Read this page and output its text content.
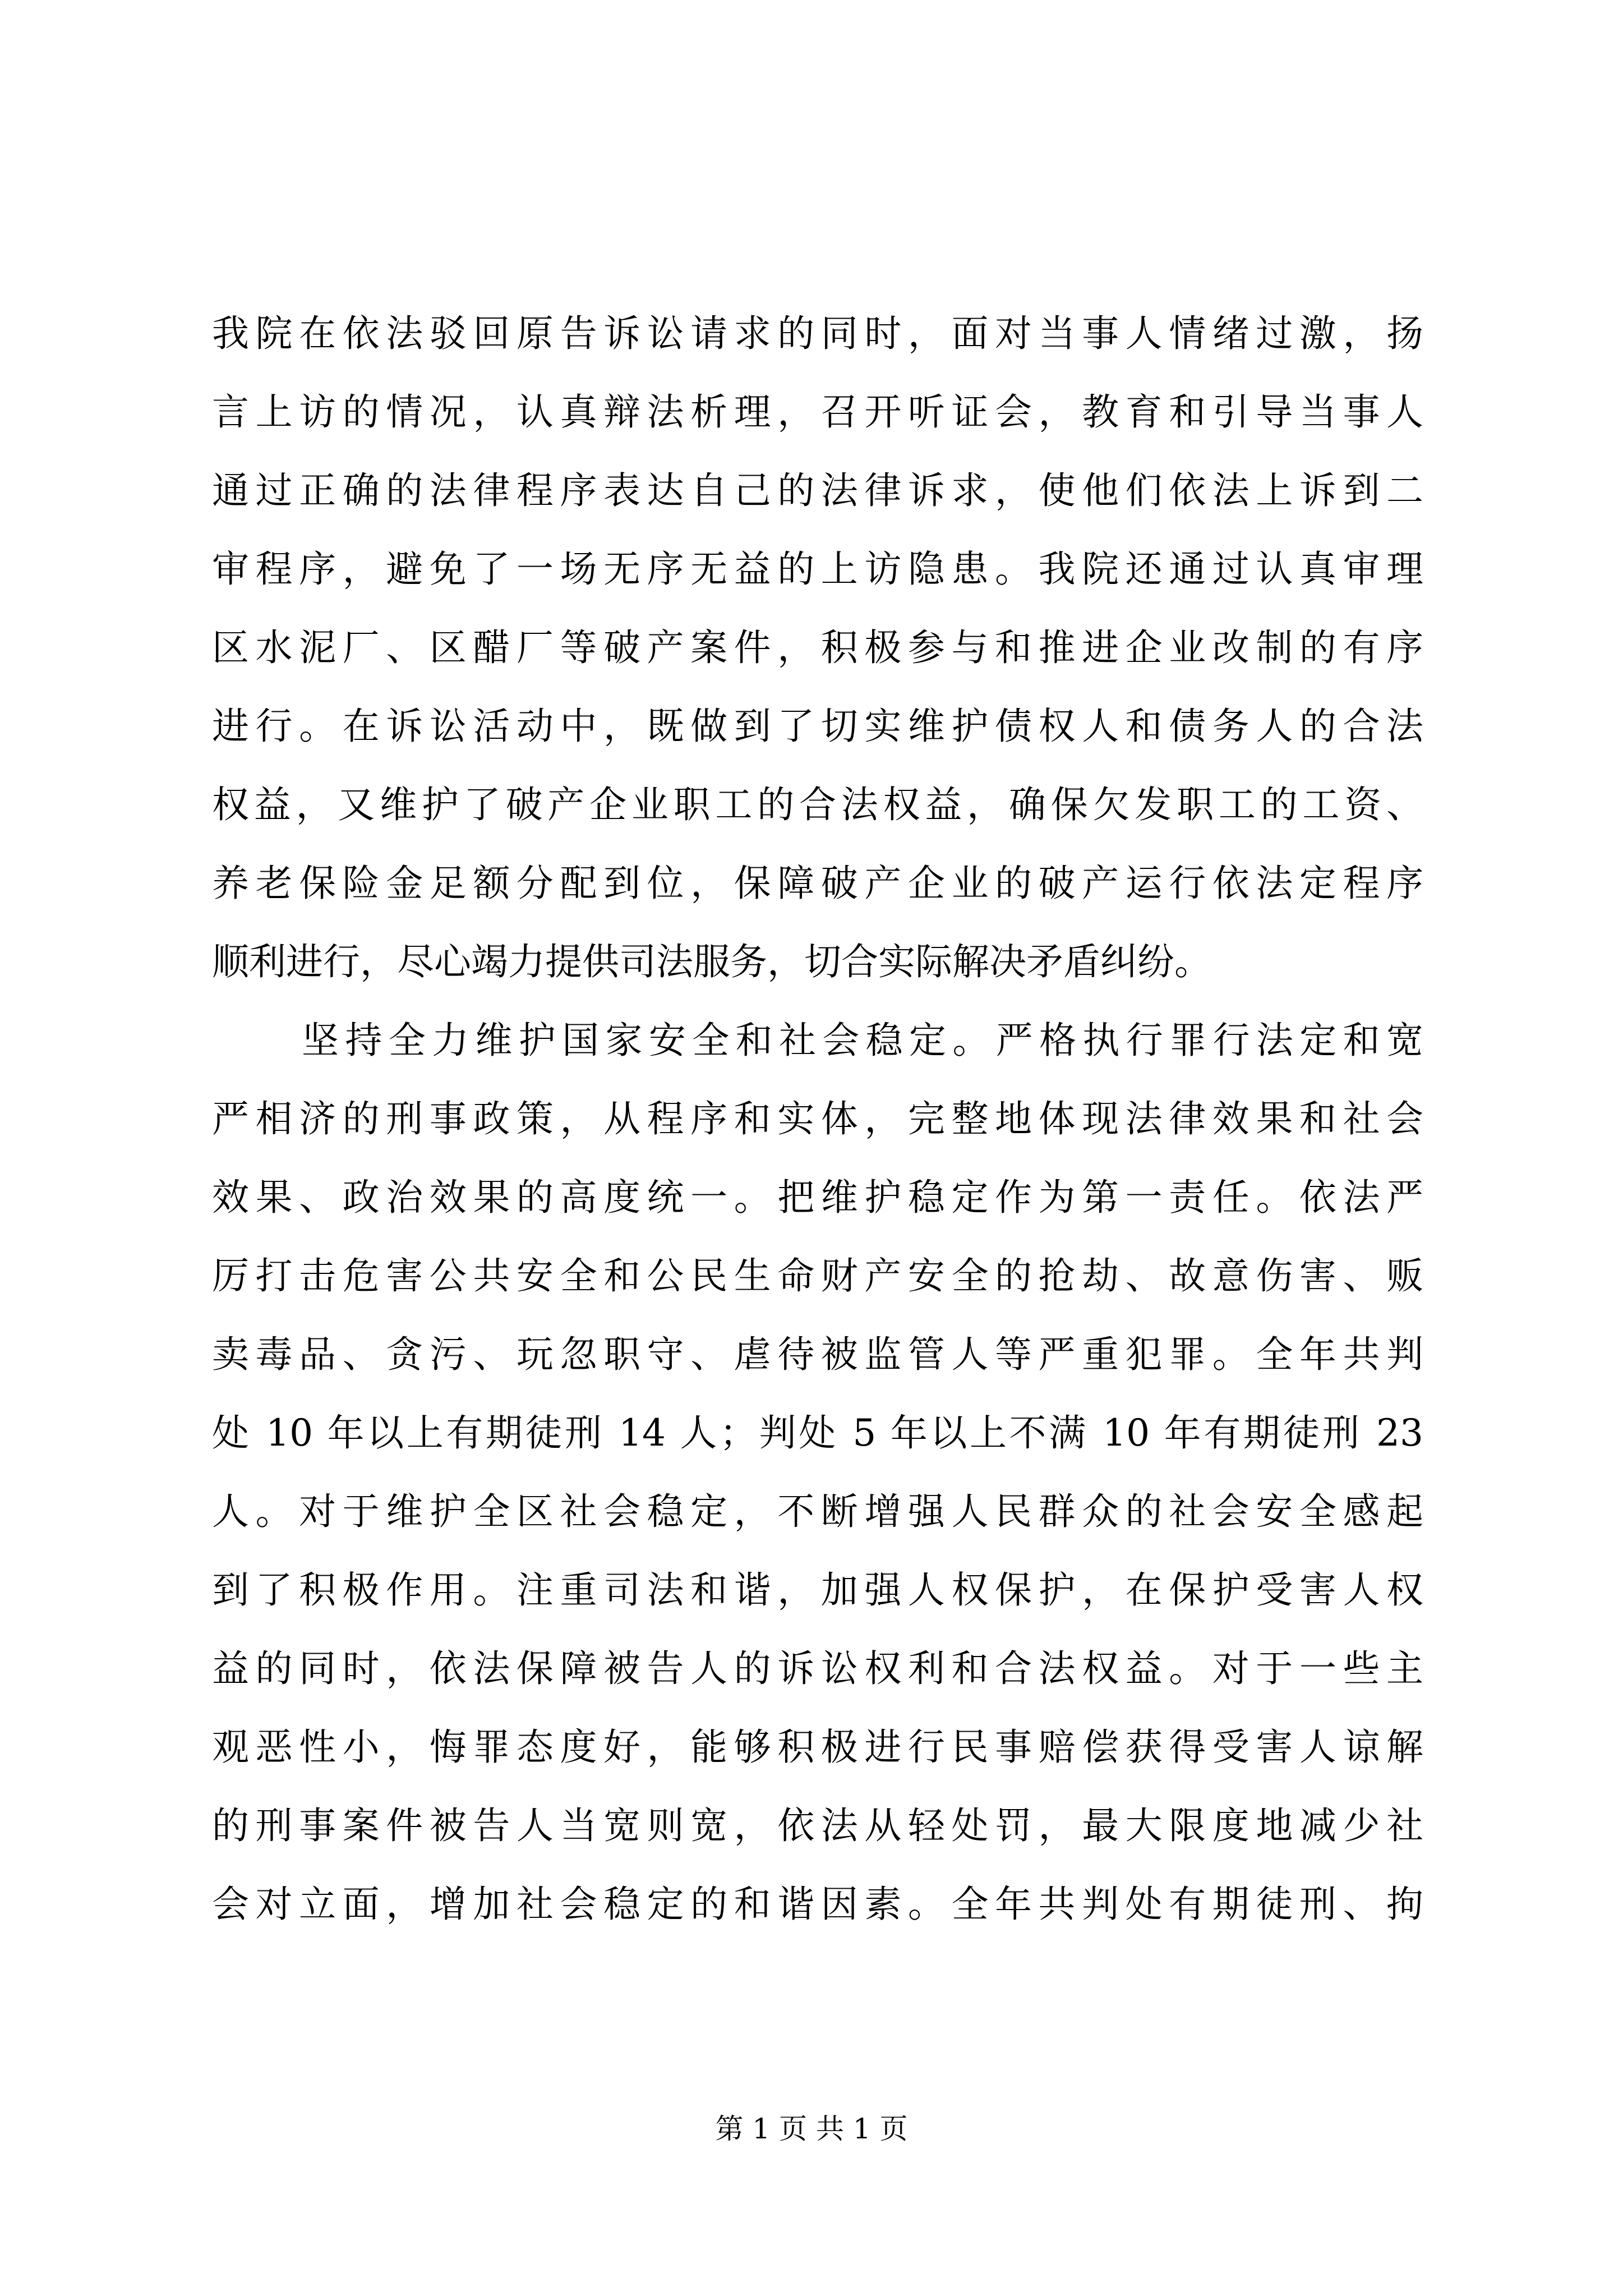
我院在依法驳回原告诉讼请求的同时，面对当事人情绪过激，扬
言上访的情况，认真辩法析理，召开听证会，教育和引导当事人
通过正确的法律程序表达自己的法律诉求，使他们依法上诉到二
审程序，避免了一场无序无益的上访隐患。我院还通过认真审理
区水泥厂、区醋厂等破产案件，积极参与和推进企业改制的有序
进行。在诉讼活动中，既做到了切实维护债权人和债务人的合法
权益，又维护了破产企业职工的合法权益，确保欠发职工的工资、
养老保险金足额分配到位，保障破产企业的破产运行依法定程序
顺利进行，尽心竭力提供司法服务，切合实际解决矛盾纠纷。
坚持全力维护国家安全和社会稳定。严格执行罪行法定和宽
严相济的刑事政策，从程序和实体，完整地体现法律效果和社会
效果、政治效果的高度统一。把维护稳定作为第一责任。依法严
厉打击危害公共安全和公民生命财产安全的抢劫、故意伤害、贩
卖毒品、贪污、玩忽职守、虐待被监管人等严重犯罪。全年共判
处 10 年以上有期徒刑 14 人；判处 5 年以上不满 10 年有期徒刑 23
人。对于维护全区社会稳定，不断增强人民群众的社会安全感起
到了积极作用。注重司法和谐，加强人权保护，在保护受害人权
益的同时，依法保障被告人的诉讼权利和合法权益。对于一些主
观恶性小，悔罪态度好，能够积极进行民事赔偿获得受害人谅解
的刑事案件被告人当宽则宽，依法从轻处罚，最大限度地减少社
会对立面，增加社会稳定的和谐因素。全年共判处有期徒刑、拘
第 1 页 共 1 页
